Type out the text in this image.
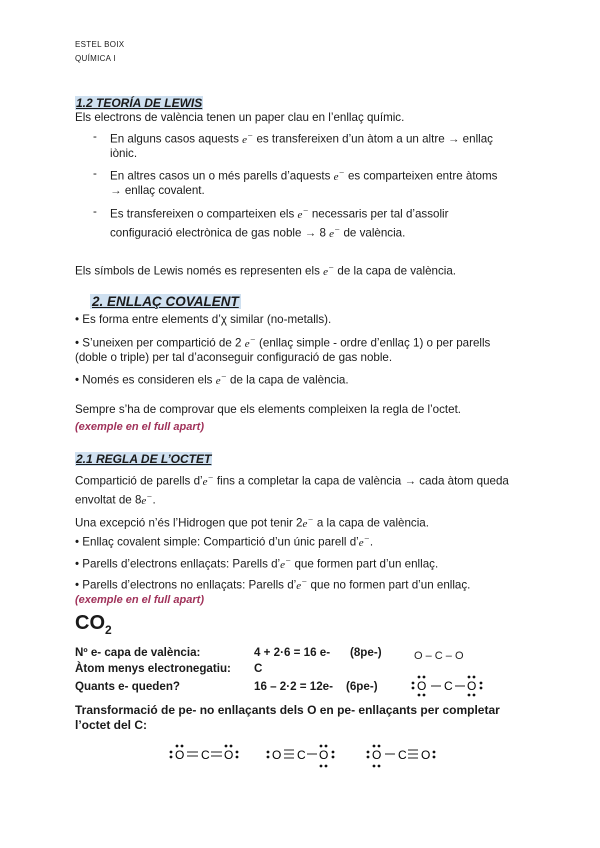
ESTEL BOIX
QUÍMICA I
1.2 TEORÍA DE LEWIS
Els electrons de valència tenen un paper clau en l’enllaç químic.
- En alguns casos aquests e− es transfereixen d’un àtom a un altre → enllaç
iònic.
- En altres casos un o més parells d’aquests e− es comparteixen entre àtoms
→ enllaç covalent.
- Es transfereixen o comparteixen els e− necessaris per tal d’assolir
configuració electrònica de gas noble → 8 e− de valència.
Els símbols de Lewis només es representen els e− de la capa de valència.
2. ENLLAÇ COVALENT
• Es forma entre elements d’χ similar (no-metalls).
• S’uneixen per compartició de 2 e− (enllaç simple - ordre d’enllaç 1) o per parells
(doble o triple) per tal d’aconseguir configuració de gas noble.
• Només es consideren els e− de la capa de valència.
Sempre s’ha de comprovar que els elements compleixen la regla de l’octet.
(exemple en el full apart)
2.1 REGLA DE L’OCTET
Compartició de parells d’e− fins a completar la capa de valència → cada àtom queda
envoltat de 8e−.
Una excepció n’és l’Hidrogen que pot tenir 2e− a la capa de valència.
• Enllaç covalent simple: Compartició d’un únic parell d’e−.
• Parells d’electrons enllaçats: Parells d’e− que formen part d’un enllaç.
• Parells d’electrons no enllaçats: Parells d’e− que no formen part d’un enllaç.
(exemple en el full apart)
$CO_2$
Nº e- capa de valència:	4 + 2·6 = 16 e- (8pe-)
Àtom menys electronegatiu: C
Quants e- queden?	16 – 2·2 = 12e- (6pe-)
O – C – O
O C O
Transformació de pe- no enllaçants dels O en pe- enllaçants per completar
l’octet del C:
O C O	O C O	O C O
